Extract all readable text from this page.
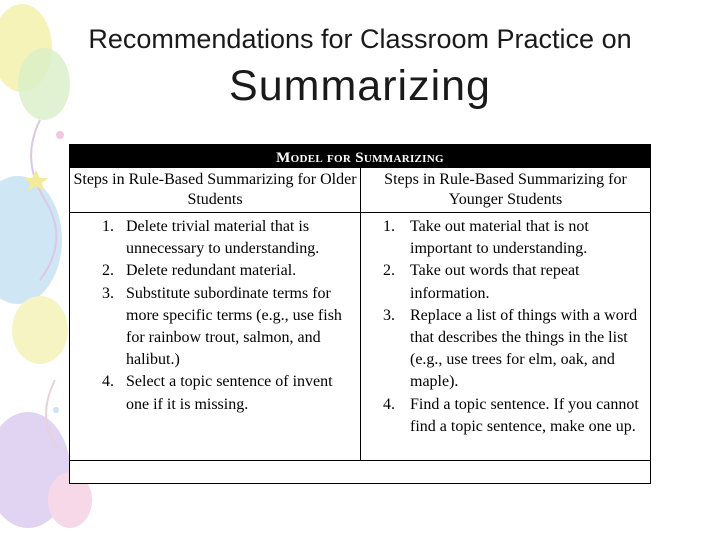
Recommendations for Classroom Practice on
Summarizing
Model for Summarizing
Steps in Rule-Based Summarizing for Older Students
1. Delete trivial material that is unnecessary to understanding.
2. Delete redundant material.
3. Substitute subordinate terms for more specific terms (e.g., use fish for rainbow trout, salmon, and halibut.)
4. Select a topic sentence of invent one if it is missing.
Steps in Rule-Based Summarizing for Younger Students
1. Take out material that is not important to understanding.
2. Take out words that repeat information.
3. Replace a list of things with a word that describes the things in the list (e.g., use trees for elm, oak, and maple).
4. Find a topic sentence. If you cannot find a topic sentence, make one up.
